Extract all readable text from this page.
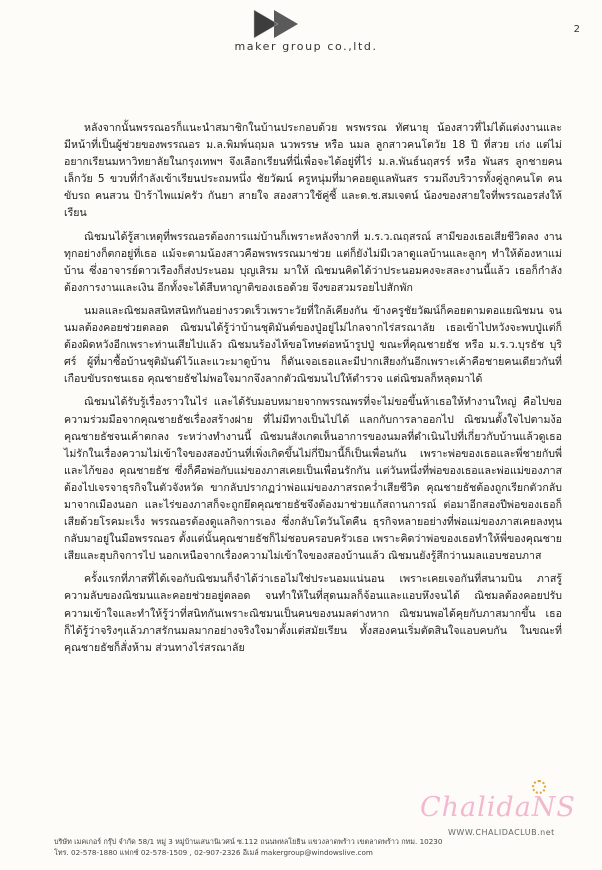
maker group co.,ltd.
2

หลังจากนั้นพรรณอรก็แนะนำสมาชิกในบ้านประกอบด้วย พรพรรณ ทัศนายุ น้องสาวที่ไม่ได้แต่งงานและมีหน้าที่เป็นผู้ช่วยของพรรณอร ม.ล.พิมพ์นฤมล นวพรรษ หรือ นมล ลูกสาวคนโตวัย 18 ปี ที่สวย เก่ง แต่ไม่อยากเรียนมหาวิทยาลัยในกรุงเทพฯ จึงเลือกเรียนที่นี่เพื่อจะได้อยู่ที่ไร่ ม.ล.พันธ์นฤสรร์ หรือ พันสร ลูกชายคนเล็กวัย 5 ขวบที่กำลังเข้าเรียนประถมหนึ่ง ชัยวัฒน์ ครูหนุ่มที่มาคอยดูแลพันสร รวมถึงบริวารทั้งคู่ลูกคนโต คนขับรถ คนสวน ป้าร้าไพแม่ครัว กันยา สายใจ สองสาวใช้คู่ซี้ และด.ช.สมเจตน์ น้องของสายใจที่พรรณอรส่งให้เรียน

ณิชมนได้รู้สาเหตุที่พรรณอรต้องการแม่บ้านก็เพราะหลังจากที่ ม.ร.ว.ณฤสรณ์ สามีของเธอเสียชีวิตลง งานทุกอย่างก็ตกอยู่ที่เธอ แม้จะตามน้องสาวคือพรพรรณมาช่วย แต่ก็ยังไม่มีเวลาดูแลบ้านและลูกๆ ทำให้ต้องหาแม่บ้าน ซึ่งอาจารย์ดาวเรืองก็ส่งประนอม บุญเสิรม มาให้ ณิชมนคิดได้ว่าประนอมคงจะสละงานนี้แล้ว เธอก็กำลังต้องการงานและเงิน อีกทั้งจะได้สืบหาญาติของเธอด้วย จึงขอสวมรอยไปสักพัก

นมลและณิชมลสนิทสนิทกันอย่างรวดเร็วเพราะวัยที่ใกล้เคียงกัน ข้างครูชัยวัฒน์ก็คอยตามตอแยณิชมน จนนมลต้องคอยช่วยตลอด ณิชมนได้รู้ว่าบ้านชุติมันต์ของปู่อยู่ไม่ไกลจากไร่สรณาลัย เธอเข้าไปหวังจะพบปู่แต่ก็ต้องผิดหวังอีกเพราะท่านเสียไปแล้ว ณิชมนร้องไห้ขอโทษต่อหน้ารูปปู่ ขณะที่คุณชายธัช หรือ ม.ร.ว.บุรธัช บุริศร์ ผู้ที่มาซื้อบ้านชุติมันต์ไว้และแวะมาดูบ้าน ก็ดันเจอเธอและมีปากเสียงกันอีกเพราะเค้าคือชายคนเดียวกันที่เกือบขับรถชนเธอ คุณชายธัชไม่พอใจมากจึงลากตัวณิชมนไปให้ตำรวจ แต่ณิชมลก็หลุดมาได้

ณิชมนได้รับรู้เรื่องราวในไร่ และได้รับมอบหมายจากพรรณพรที่จะไม่ขอขึ้นห้าเธอให้ทำงานใหญ่ คือไปขอความร่วมมือจากคุณชายธัชเรื่องสร้างฝาย ที่ไม่มีทางเป็นไปได้ แลกกับการลาออกไป ณิชมนตั้งใจไปตามง้อคุณชายธัชจนเค้าตกลง ระหว่างทำงานนี้ ณิชมนสังเกตเห็นอาการของนมลที่ดำเนินไปที่เกี่ยวกับบ้านแล้วดูเธอไม่รักในเรื่องความไม่เข้าใจของสองบ้านที่เพิ่งเกิดขึ้นไม่กี่ปีมานี้ก็เป็นเพื่อนกัน เพราะพ่อของเธอและพี่ชายกับพี่และไก้ของ คุณชายธัช ซึ่งก็คือพ่อกับแม่ของภาสเคยเป็นเพื่อนรักกัน แต่วันหนึ่งที่พ่อของเธอและพ่อแม่ของภาสต้องไปเจรจาธุรกิจในตัวจังหวัด ขากลับปรากฏว่าพ่อแม่ของภาสรถคว่ำเสียชีวิต คุณชายธัชต้องถูกเรียกตัวกลับมาจากเมืองนอก และไร่ของภาสก็จะถูกยึดคุณชายธัชจึงต้องมาช่วยแก้สถานการณ์ ต่อมาอีกสองปีพ่อของเธอก็เสียด้วยโรคมะเร็ง พรรณอรต้องดูแลกิจการเอง ซึ่งกลับโตวันโตคืน ธุรกิจหลายอย่างที่พ่อแม่ของภาสเคยลงทุนกลับมาอยู่ในมือพรรณอร ตั้งแต่นั้นคุณชายธัชก็ไม่ชอบครอบครัวเธอ เพราะคิดว่าพ่อของเธอทำให้พี่ของคุณชายเสียและฮุบกิจการไป นอกเหนือจากเรื่องความไม่เข้าใจของสองบ้านแล้ว ณิชมนยังรู้สึกว่านมลแอบชอบภาส

ครั้งแรกที่ภาสที่ได้เจอกับณิชมนก็จำได้ว่าเธอไม่ใช่ประนอมแน่นอน เพราะเคยเจอกันที่สนามบิน ภาสรู้ความลับของณิชมนและคอยช่วยอยู่ตลอด จนทำให้ในที่สุดนมลก็จ้อนและแอบหึงจนได้ ณิชมลต้องคอยปรับความเข้าใจและทำให้รู้ว่าที่สนิทกันเพราะณิชมนเป็นคนของนมลต่างหาก ณิชมนพอได้คุยกับภาสมากขึ้น เธอก็ได้รู้ว่าจริงๆแล้วภาสรักนมลมากอย่างจริงใจมาตั้งแต่สมัยเรียน ทั้งสองคนเริ่มตัดสินใจแอบคบกัน ในขณะที่คุณชายธัชก็สั่งห้าม ส่วนทางไร่สรณาลัย

ChalidaNS
WWW.CHALIDACLUB.net
บริษัท เมคเกอร์ กรุ๊ป จำกัด 58/1 หมู่ 3 หมู่บ้านเสนานิเวศน์ ซ.112 ถนนพหลโยธิน แขวงลาดพร้าว เขตลาดพร้าว กทม. 10230
โทร. 02-578-1880 แฟกซ์ 02-578-1509 , 02-907-2326 อีเมล์ makergroup@windowslive.com
